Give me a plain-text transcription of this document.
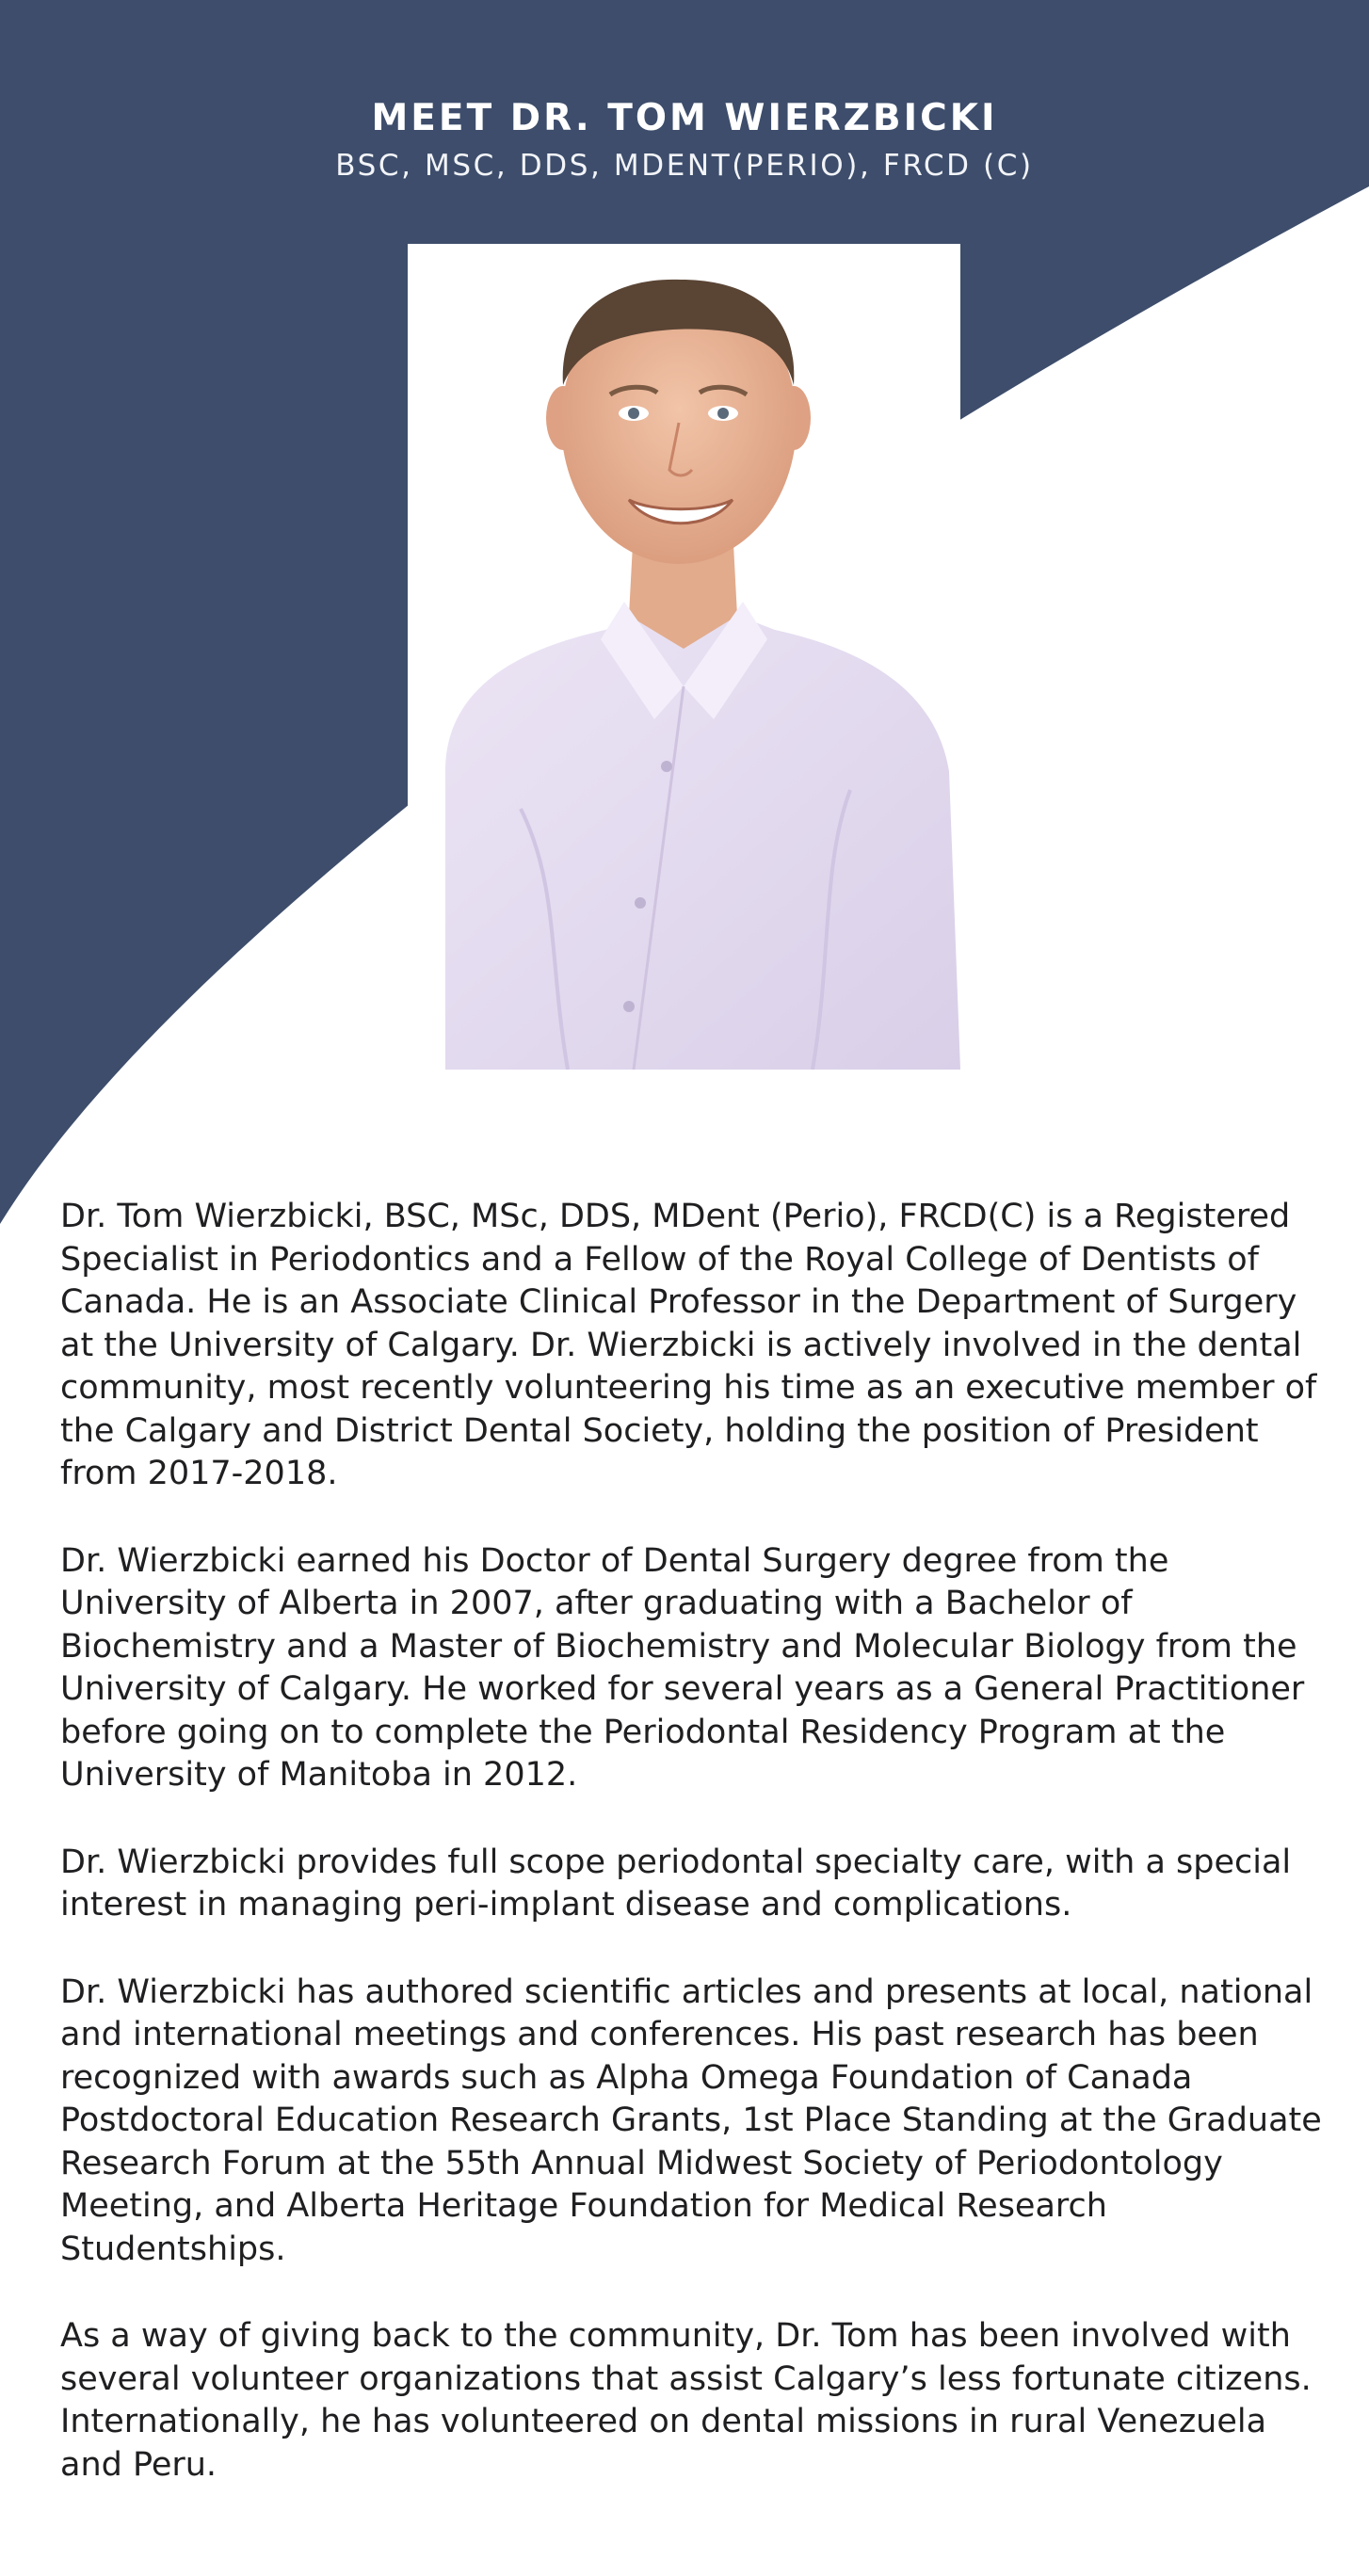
MEET DR. TOM WIERZBICKI
BSC, MSC, DDS, MDENT(PERIO), FRCD (C)

Dr. Tom Wierzbicki, BSC, MSc, DDS, MDent (Perio), FRCD(C) is a Registered Specialist in Periodontics and a Fellow of the Royal College of Dentists of Canada. He is an Associate Clinical Professor in the Department of Surgery at the University of Calgary. Dr. Wierzbicki is actively involved in the dental community, most recently volunteering his time as an executive member of the Calgary and District Dental Society, holding the position of President from 2017-2018.

Dr. Wierzbicki earned his Doctor of Dental Surgery degree from the University of Alberta in 2007, after graduating with a Bachelor of Biochemistry and a Master of Biochemistry and Molecular Biology from the University of Calgary. He worked for several years as a General Practitioner before going on to complete the Periodontal Residency Program at the University of Manitoba in 2012.

Dr. Wierzbicki provides full scope periodontal specialty care, with a special interest in managing peri-implant disease and complications.

Dr. Wierzbicki has authored scientific articles and presents at local, national and international meetings and conferences. His past research has been recognized with awards such as Alpha Omega Foundation of Canada Postdoctoral Education Research Grants, 1st Place Standing at the Graduate Research Forum at the 55th Annual Midwest Society of Periodontology Meeting, and Alberta Heritage Foundation for Medical Research Studentships.

As a way of giving back to the community, Dr. Tom has been involved with several volunteer organizations that assist Calgary’s less fortunate citizens. Internationally, he has volunteered on dental missions in rural Venezuela and Peru.
